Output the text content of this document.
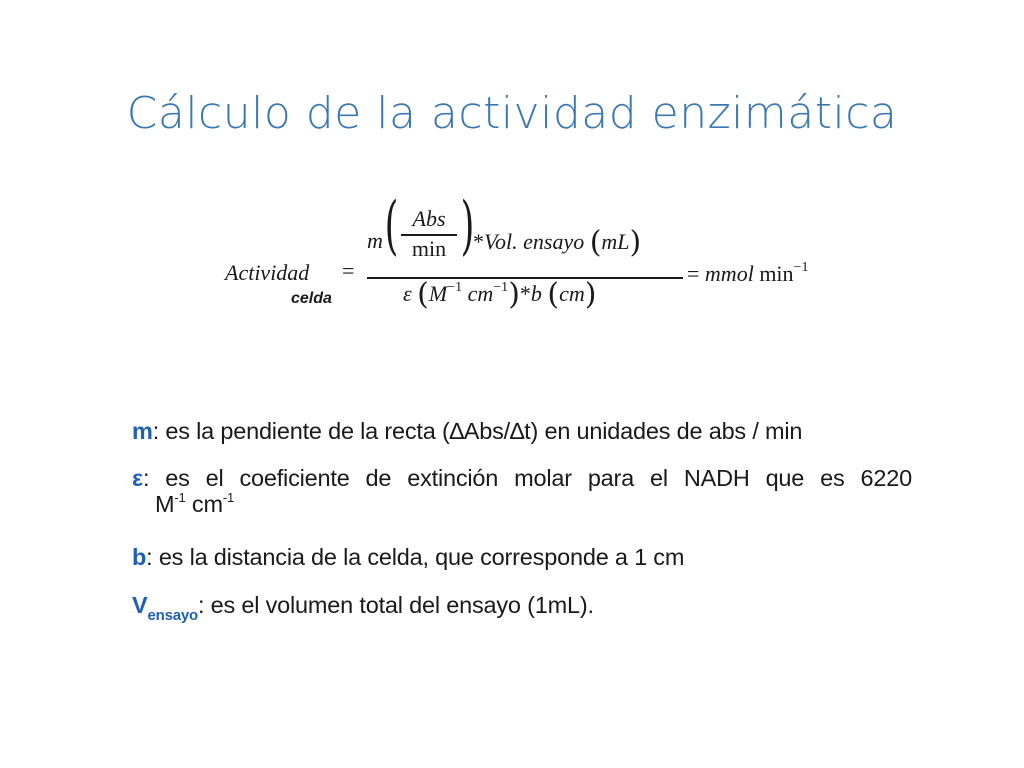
Cálculo de la actividad enzimática
Actividad
celda
=
m ( Abs
min )
*Vol. ensayo (mL)
ε ($M^{-1}$ $cm^{-1})*b$ (cm)
= mmol $\min^{-1}$
m: es la pendiente de la recta (∆Abs/∆t) en unidades de abs / min
ε: es el coeficiente de extinción molar para el NADH que es 6220
$M^{-1}$ $cm^{-1}$
b: es la distancia de la celda, que corresponde a 1 cm
$V_{ensayo}$: es el volumen total del ensayo (1mL).
